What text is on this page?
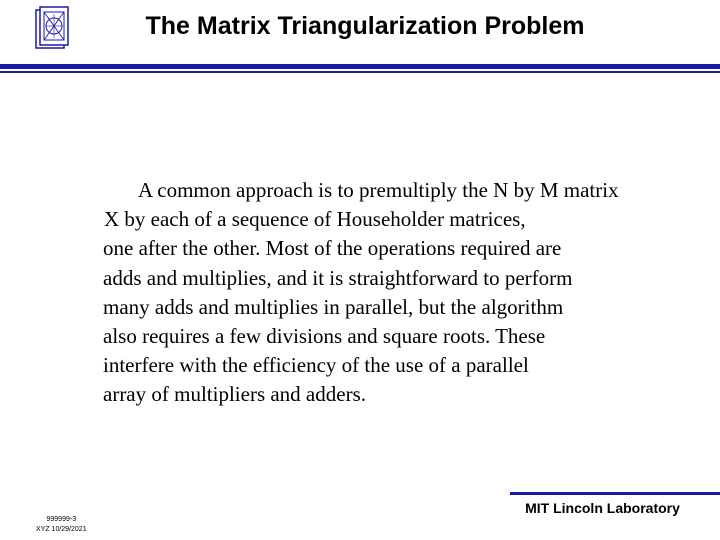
The Matrix Triangularization Problem
A common approach is to premultiply the N by M matrix
X by each of a sequence of Householder matrices,
one after the other. Most of the operations required are
adds and multiplies, and it is straightforward to perform
many adds and multiplies in parallel, but the algorithm
also requires a few divisions and square roots. These
interfere with the efficiency of the use of a parallel
array of multipliers and adders.
MIT Lincoln Laboratory
999999-3
XYZ 10/29/2021
